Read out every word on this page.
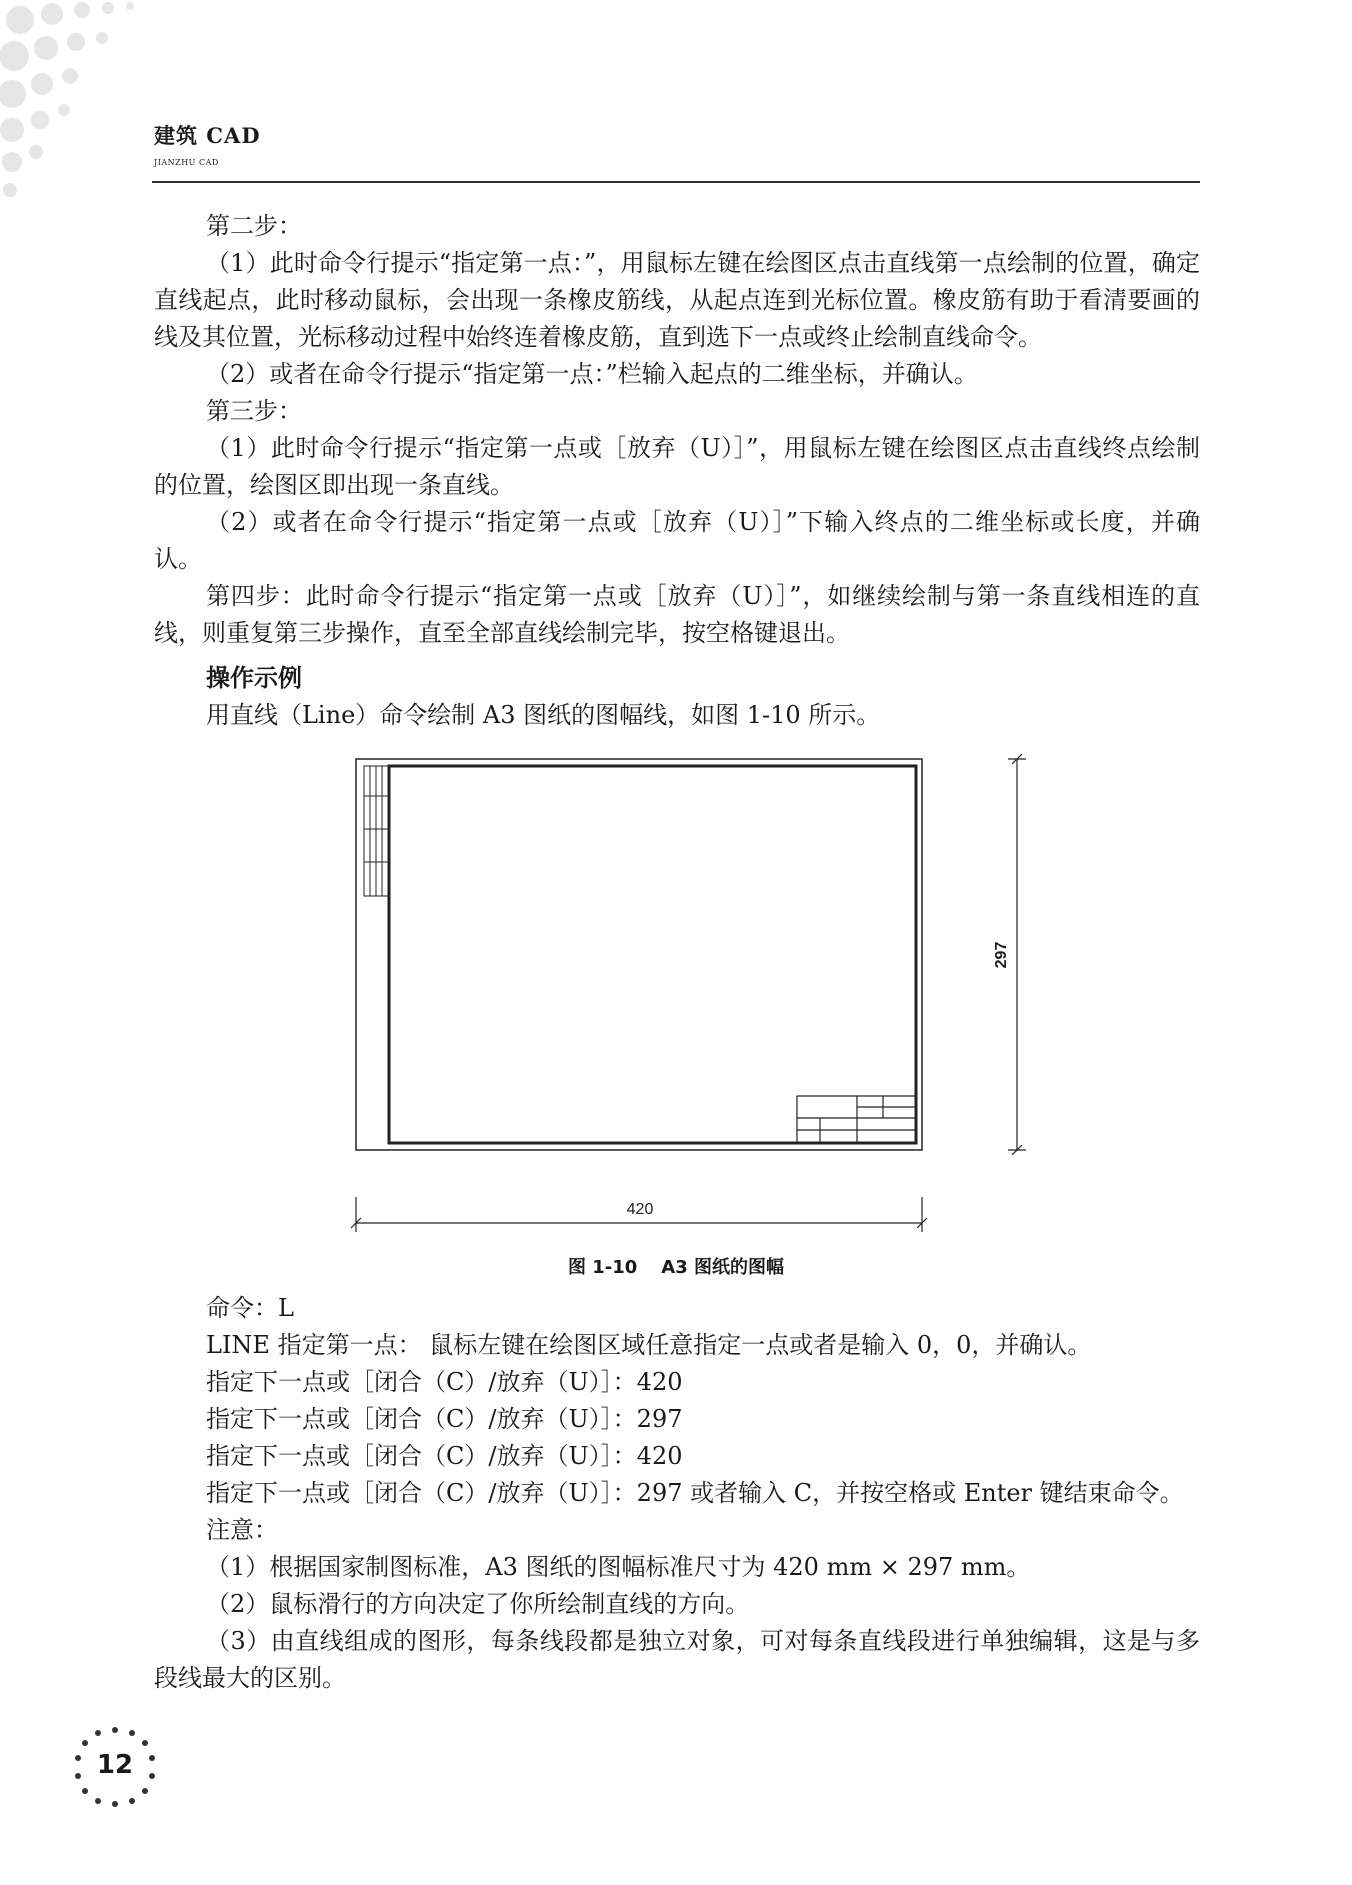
建筑 CAD
JIANZHU CAD

第二步：

（1）此时命令行提示“指定第一点：”，用鼠标左键在绘图区点击直线第一点绘制的位置，确定直线起点，此时移动鼠标，会出现一条橡皮筋线，从起点连到光标位置。橡皮筋有助于看清要画的线及其位置，光标移动过程中始终连着橡皮筋，直到选下一点或终止绘制直线命令。

（2）或者在命令行提示“指定第一点：”栏输入起点的二维坐标，并确认。

第三步：

（1）此时命令行提示“指定第一点或［放弃（U）］”，用鼠标左键在绘图区点击直线终点绘制的位置，绘图区即出现一条直线。

（2）或者在命令行提示“指定第一点或［放弃（U）］”下输入终点的二维坐标或长度，并确认。

第四步：此时命令行提示“指定第一点或［放弃（U）］”，如继续绘制与第一条直线相连的直线，则重复第三步操作，直至全部直线绘制完毕，按空格键退出。

操作示例

用直线（Line）命令绘制 A3 图纸的图幅线，如图 1-10 所示。

420
297
图 1-10 A3 图纸的图幅

命令：L

LINE 指定第一点： 鼠标左键在绘图区域任意指定一点或者是输入 0，0，并确认。

指定下一点或［闭合（C）/放弃（U）］：420

指定下一点或［闭合（C）/放弃（U）］：297

指定下一点或［闭合（C）/放弃（U）］：420

指定下一点或［闭合（C）/放弃（U）］：297 或者输入 C，并按空格或 Enter 键结束命令。

注意：

（1）根据国家制图标准，A3 图纸的图幅标准尺寸为 420 mm × 297 mm。

（2）鼠标滑行的方向决定了你所绘制直线的方向。

（3）由直线组成的图形，每条线段都是独立对象，可对每条直线段进行单独编辑，这是与多段线最大的区别。

12
